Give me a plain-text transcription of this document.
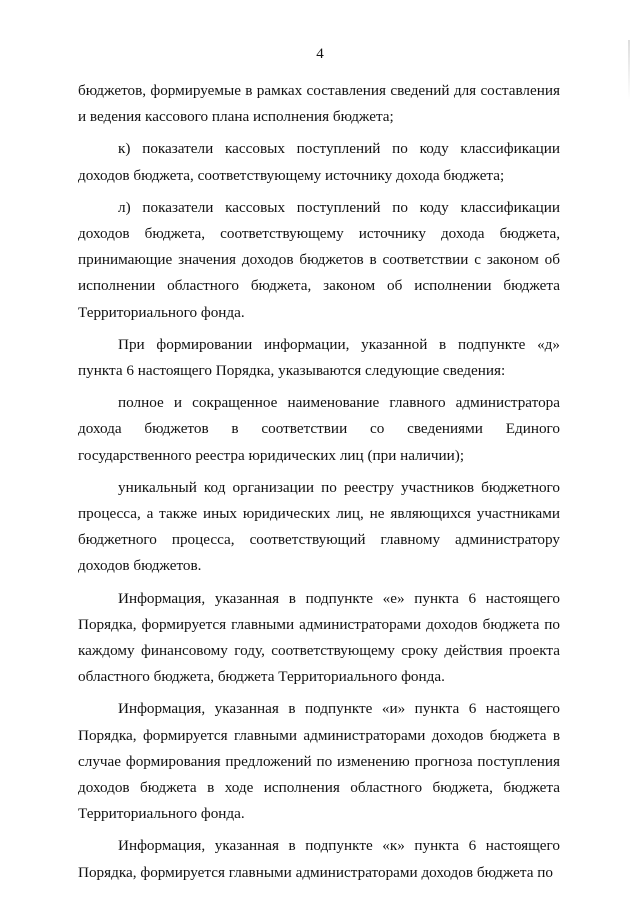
4

бюджетов, формируемые в рамках составления сведений для составления и ведения кассового плана исполнения бюджета;

к) показатели кассовых поступлений по коду классификации доходов бюджета, соответствующему источнику дохода бюджета;

л) показатели кассовых поступлений по коду классификации доходов бюджета, соответствующему источнику дохода бюджета, принимающие значения доходов бюджетов в соответствии с законом об исполнении областного бюджета, законом об исполнении бюджета Территориального фонда.

При формировании информации, указанной в подпункте «д» пункта 6 настоящего Порядка, указываются следующие сведения:

полное и сокращенное наименование главного администратора дохода бюджетов в соответствии со сведениями Единого государственного реестра юридических лиц (при наличии);

уникальный код организации по реестру участников бюджетного процесса, а также иных юридических лиц, не являющихся участниками бюджетного процесса, соответствующий главному администратору доходов бюджетов.

Информация, указанная в подпункте «е» пункта 6 настоящего Порядка, формируется главными администраторами доходов бюджета по каждому финансовому году, соответствующему сроку действия проекта областного бюджета, бюджета Территориального фонда.

Информация, указанная в подпункте «и» пункта 6 настоящего Порядка, формируется главными администраторами доходов бюджета в случае формирования предложений по изменению прогноза поступления доходов бюджета в ходе исполнения областного бюджета, бюджета Территориального фонда.

Информация, указанная в подпункте «к» пункта 6 настоящего Порядка, формируется главными администраторами доходов бюджета по
